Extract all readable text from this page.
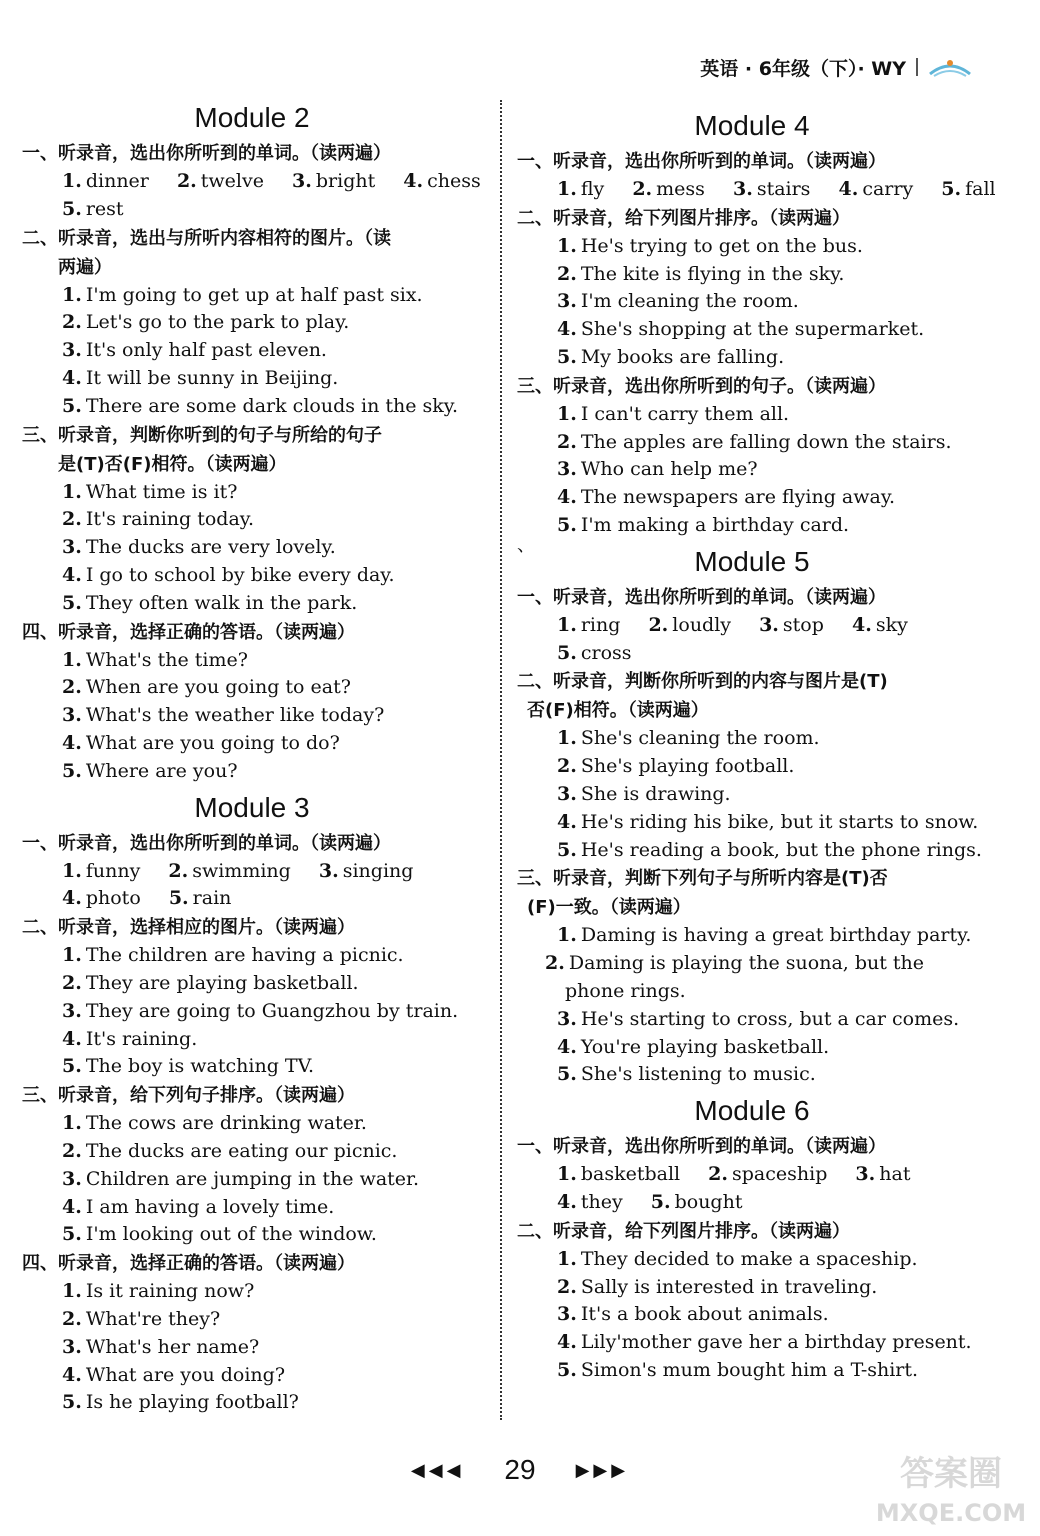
英语 · 6年级（下）· WY
Module 2
一、听录音，选出你所听到的单词。（读两遍）
1. dinner 2. twelve 3. bright 4. chess
5. rest
二、听录音，选出与所听内容相符的图片。（读
两遍）
1. I'm going to get up at half past six.
2. Let's go to the park to play.
3. It's only half past eleven.
4. It will be sunny in Beijing.
5. There are some dark clouds in the sky.
三、听录音，判断你听到的句子与所给的句子
是(T)否(F)相符。（读两遍）
1. What time is it?
2. It's raining today.
3. The ducks are very lovely.
4. I go to school by bike every day.
5. They often walk in the park.
四、听录音，选择正确的答语。（读两遍）
1. What's the time?
2. When are you going to eat?
3. What's the weather like today?
4. What are you going to do?
5. Where are you?
Module 3
一、听录音，选出你所听到的单词。（读两遍）
1. funny 2. swimming 3. singing
4. photo 5. rain
二、听录音，选择相应的图片。（读两遍）
1. The children are having a picnic.
2. They are playing basketball.
3. They are going to Guangzhou by train.
4. It's raining.
5. The boy is watching TV.
三、听录音，给下列句子排序。（读两遍）
1. The cows are drinking water.
2. The ducks are eating our picnic.
3. Children are jumping in the water.
4. I am having a lovely time.
5. I'm looking out of the window.
四、听录音，选择正确的答语。（读两遍）
1. Is it raining now?
2. What're they?
3. What's her name?
4. What are you doing?
5. Is he playing football?
Module 4
一、听录音，选出你所听到的单词。（读两遍）
1. fly 2. mess 3. stairs 4. carry 5. fall
二、听录音，给下列图片排序。（读两遍）
1. He's trying to get on the bus.
2. The kite is flying in the sky.
3. I'm cleaning the room.
4. She's shopping at the supermarket.
5. My books are falling.
三、听录音，选出你所听到的句子。（读两遍）
1. I can't carry them all.
2. The apples are falling down the stairs.
3. Who can help me?
4. The newspapers are flying away.
5. I'm making a birthday card.
、
Module 5
一、听录音，选出你所听到的单词。（读两遍）
1. ring 2. loudly 3. stop 4. sky
5. cross
二、听录音，判断你所听到的内容与图片是(T)
否(F)相符。（读两遍）
1. She's cleaning the room.
2. She's playing football.
3. She is drawing.
4. He's riding his bike, but it starts to snow.
5. He's reading a book, but the phone rings.
三、听录音，判断下列句子与所听内容是(T)否
(F)一致。（读两遍）
1. Daming is having a great birthday party.
2. Daming is playing the suona, but the phone rings.
3. He's starting to cross, but a car comes.
4. You're playing basketball.
5. She's listening to music.
Module 6
一、听录音，选出你所听到的单词。（读两遍）
1. basketball 2. spaceship 3. hat
4. they 5. bought
二、听录音，给下列图片排序。（读两遍）
1. They decided to make a spaceship.
2. Sally is interested in traveling.
3. It's a book about animals.
4. Lily'mother gave her a birthday present.
5. Simon's mum bought him a T-shirt.
◀◀◀ 29 ▶▶▶	答案圈
MXQE.COM
